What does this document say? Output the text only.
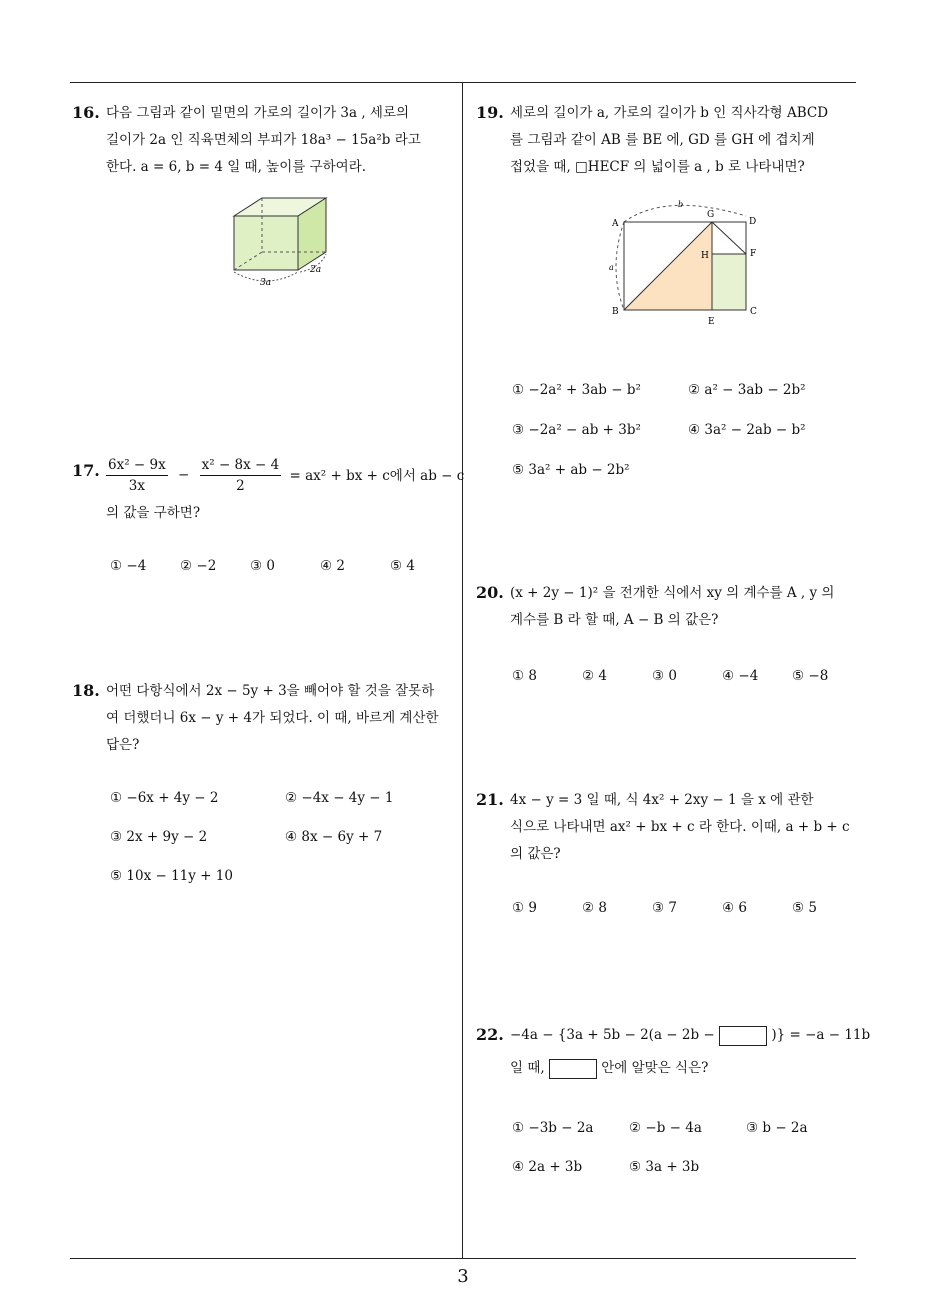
16. 다음 그림과 같이 밑면의 가로의 길이가 3a , 세로의
길이가 2a 인 직육면체의 부피가 18a³ − 15a²b 라고
한다. a = 6, b = 4 일 때, 높이를 구하여라.
3a
2a
17. $\frac{\text{6x² − 9x}}{3x} - \frac{\text{x² − 8x − 4}}{2} = ax^2$ + bx + c에서 ab − c
의 값을 구하면?
① −4 ② −2 ③ 0	④ 2	⑤ 4
18. 어떤 다항식에서 2x − 5y + 3을 빼어야 할 것을 잘못하
여 더했더니 6x − y + 4가 되었다. 이 때, 바르게 계산한
답은?
① −6x + 4y − 2	② −4x − 4y − 1
③ 2x + 9y − 2	④ 8x − 6y + 7
⑤ 10x − 11y + 10
19. 세로의 길이가 a, 가로의 길이가 b 인 직사각형 ABCD
를 그림과 같이 AB 를 BE 에, GD 를 GH 에 겹치게
접었을 때, □HECF 의 넓이를 a , b 로 나타내면?
A
B	C
D
E
F
G
H
a
b
① −2a² + 3ab − b²	② a² − 3ab − 2b²
③ −2a² − ab + 3b²	④ 3a² − 2ab − b²
⑤ 3a² + ab − 2b²
20. (x + 2y − 1)² 을 전개한 식에서 xy 의 계수를 A , y 의
계수를 B 라 할 때, A − B 의 값은?
① 8	② 4	③ 0	④ −4 ⑤ −8
21. 4x − y = 3 일 때, 식 4x² + 2xy − 1 을 x 에 관한
식으로 나타내면 ax² + bx + c 라 한다. 이때, a + b + c
의 값은?
① 9	② 8	③ 7	④ 6	⑤ 5
22. −4a − {3a + 5b − 2(a − 2b −	)} = −a − 11b
일 때,	안에 알맞은 식은?
① −3b − 2a	② −b − 4a	③ b − 2a
④ 2a + 3b	⑤ 3a + 3b
3
